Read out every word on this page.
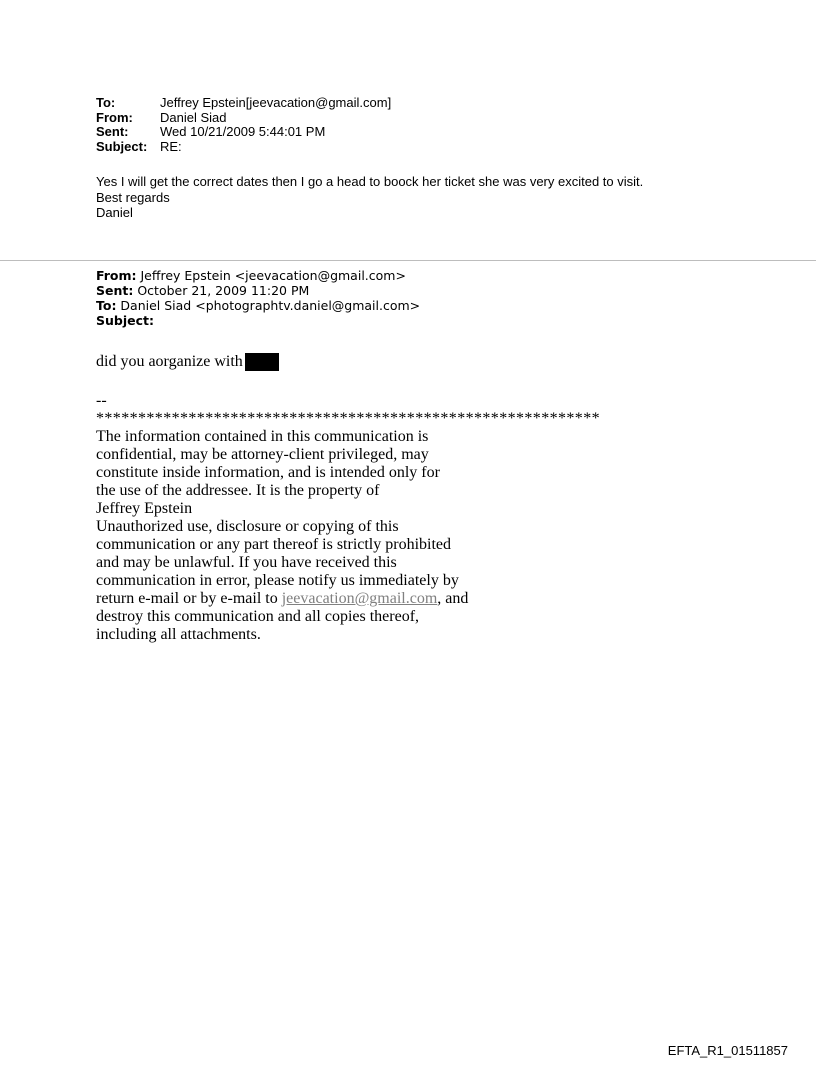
To:	Jeffrey Epstein[jeevacation@gmail.com]
From:	Daniel Siad
Sent:	Wed 10/21/2009 5:44:01 PM
Subject: RE:
Yes I will get the correct dates then I go a head to boock her ticket she was very excited to visit.
Best regards
Daniel
From: Jeffrey Epstein <jeevacation@gmail.com>
Sent: October 21, 2009 11:20 PM
To: Daniel Siad <photographtv.daniel@gmail.com>
Subject:
did you aorganize with
--
************************************************************
The information contained in this communication is
confidential, may be attorney-client privileged, may
constitute inside information, and is intended only for
the use of the addressee. It is the property of
Jeffrey Epstein
Unauthorized use, disclosure or copying of this
communication or any part thereof is strictly prohibited
and may be unlawful. If you have received this
communication in error, please notify us immediately by
return e-mail or by e-mail to jeevacation@gmail.com, and
destroy this communication and all copies thereof,
including all attachments.
EFTA_R1_01511857
